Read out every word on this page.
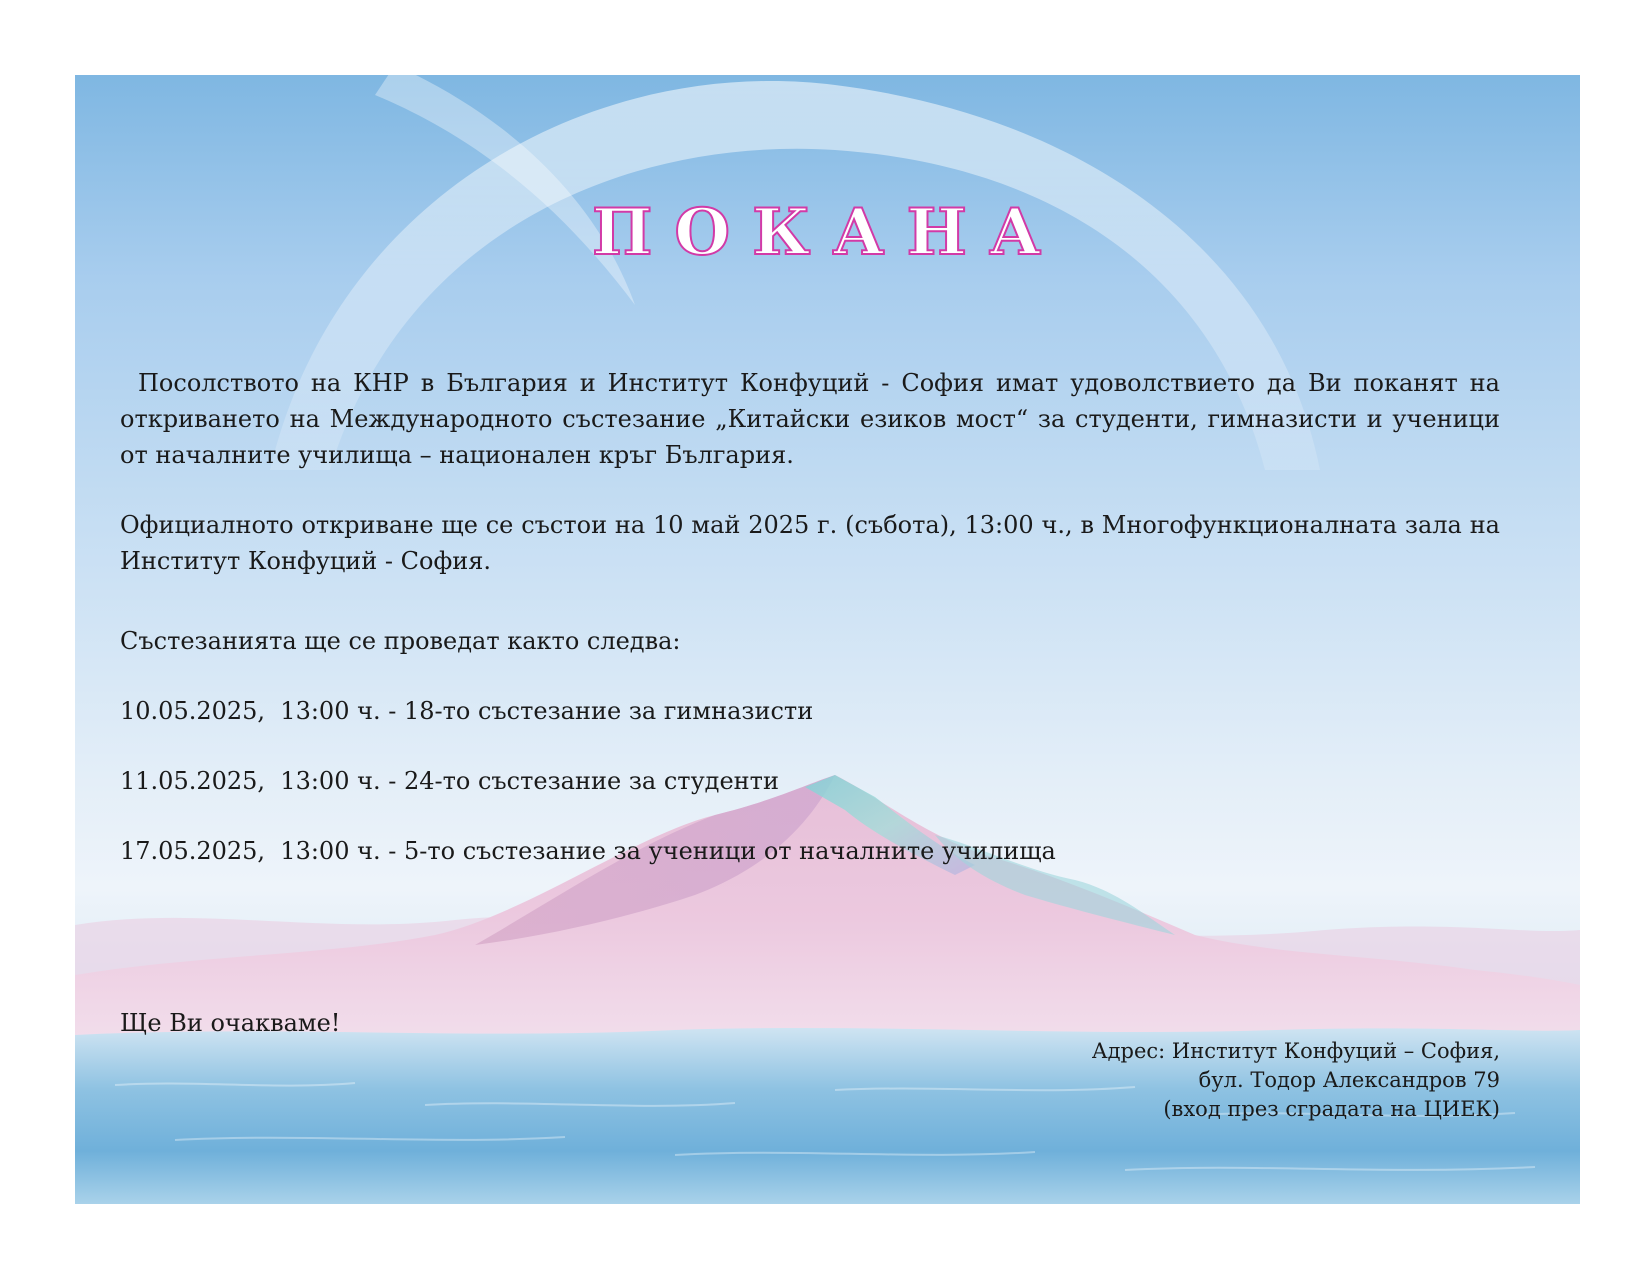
ПОКАНА

Посолството на КНР в България и Институт Конфуций - София имат удоволствието да Ви поканят на откриването на Международното състезание „Китайски езиков мост“ за студенти, гимназисти и ученици от началните училища – национален кръг България.

Официалното откриване ще се състои на 10 май 2025 г. (събота), 13:00 ч., в Многофункционалната зала на Институт Конфуций - София.

Състезанията ще се проведат както следва:

10.05.2025,  13:00 ч. - 18-то състезание за гимназисти

11.05.2025,  13:00 ч. - 24-то състезание за студенти

17.05.2025,  13:00 ч. - 5-то състезание за ученици от началните училища

Ще Ви очакваме!

Адрес: Институт Конфуций – София,
бул. Тодор Александров 79
(вход през сградата на ЦИЕК)
